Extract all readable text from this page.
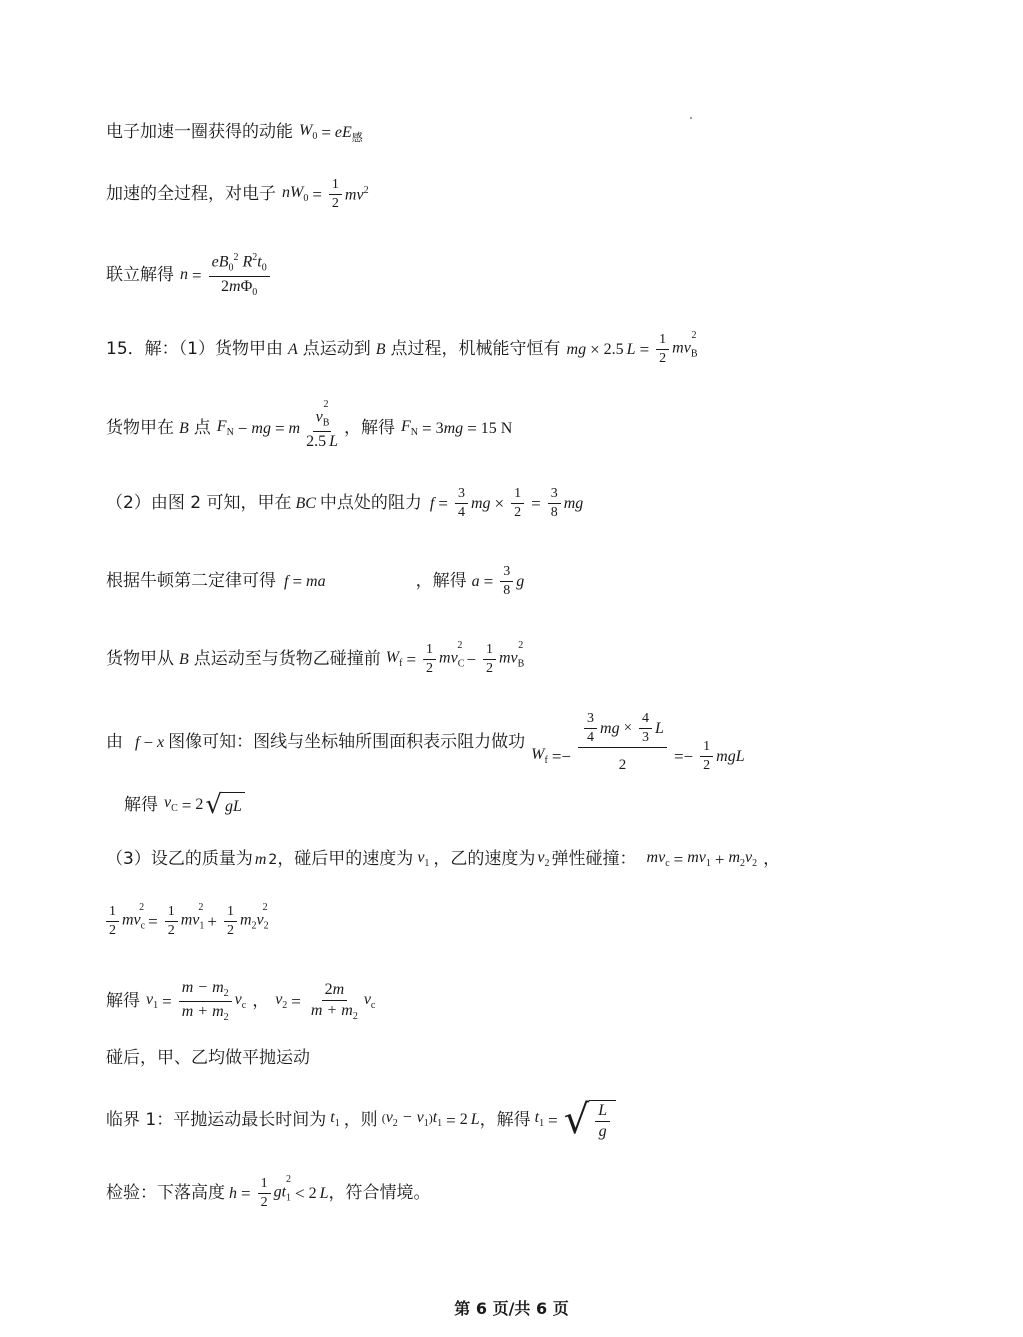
电子加速一圈获得的动能 $W_0 = eE_感$
加速的全过程，对电子 $nW_0 = \frac{1}{2} mv^2$
联立解得 $n = \frac{eB_0^2 R^2t_0}{2m\Phi_0}$
15．解：（1）货物甲由 A 点运动到 B 点过程，机械能守恒有 mg × 2.5 $L = \frac{1}{2} mv_B^2$
货物甲在 B 点 $F_N$ − mg = m $\frac{v_B^2}{2.5 L}$ ，解得 $F_N = 3$ mg = 15 N
（2）由图 2 可知，甲在 BC 中点处的阻力 $f = \frac{3}{4}$ mg × $\frac{1}{2} = \frac{3}{8}$ mg
根据牛顿第二定律可得 f = ma	，解得 $a = \frac{3}{8}$ g
货物甲从 B 点运动至与货物乙碰撞前 $W_f = \frac{1}{2} mv_C^2$
− $\frac{1}{2} mv_B^2$
由 f − x 图像可知：图线与坐标轴所围面积表示阻力做功
$W_f =- \frac{\frac{3}{4} mg \times \frac{4}{3} L}{2} =- \frac{1}{2}$ mgL
解得 $v_C = 2$ √ gL
（3）设乙的质量为 m 2 ，碰后甲的速度为 $v_1$ ，乙的速度为 $v_2$ 弹性碰撞： $mv_c = mv_1 + m_2v_2$ ，
$\frac{1}{2} mv_c^2$
= $\frac{1}{2} mv_1^2$
+ $\frac{1}{2} m_2v_2^2$
解得 $v_1 = \frac{m - m_2}{m + m_2} v_c$ ， $v_2 = \frac{2m}{m + m_2} v_c$
碰后，甲、乙均做平抛运动
临界 1：平抛运动最长时间为 $t_1$ ，则 $(v_2 - v_1)t_1 = 2$ L ，解得 $t_1$ = √ $\frac{L}{g}$
检验：下落高度 $h = \frac{1}{2} gt_1^2$
< 2 L ，符合情境。
第 6 页/共 6 页
